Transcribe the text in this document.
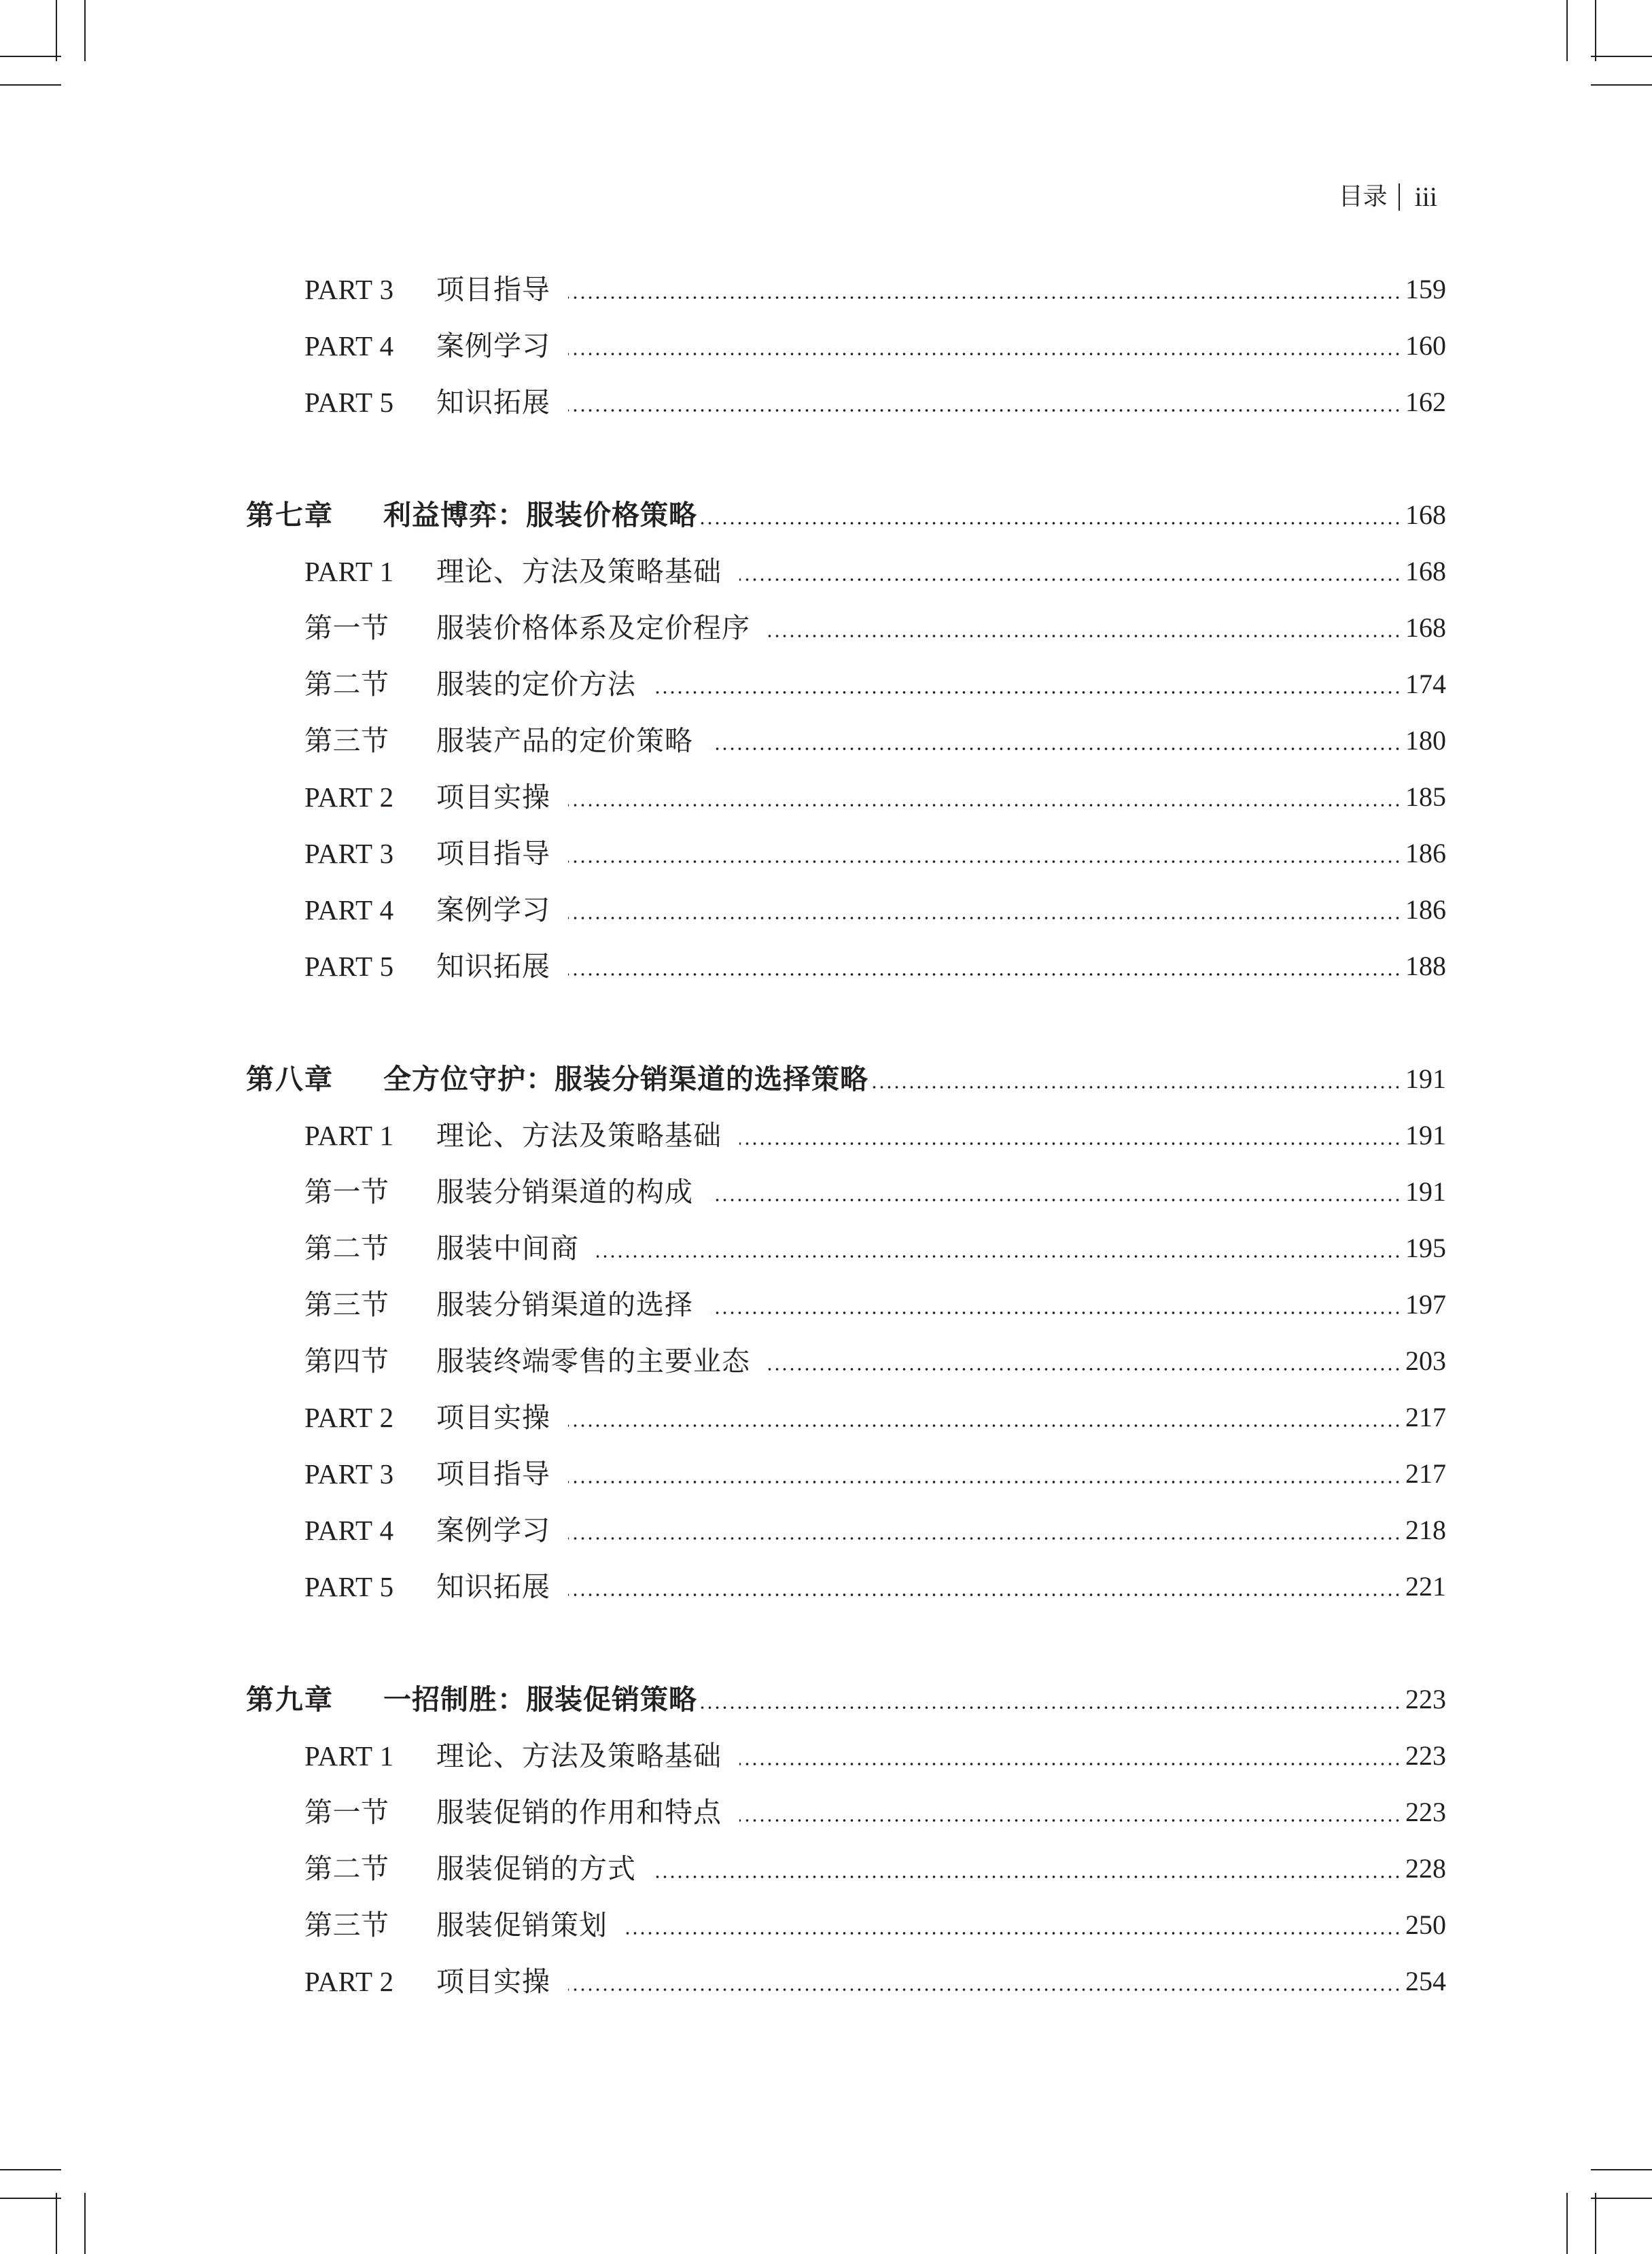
目录 iii
PART 3	项目指导	159
PART 4	案例学习	160
PART 5	知识拓展	162
第七章	利益博弈：服装价格策略	168
PART 1	理论、方法及策略基础	168
第一节	服装价格体系及定价程序	168
第二节	服装的定价方法	174
第三节	服装产品的定价策略	180
PART 2	项目实操	185
PART 3	项目指导	186
PART 4	案例学习	186
PART 5	知识拓展	188
第八章	全方位守护：服装分销渠道的选择策略	191
PART 1	理论、方法及策略基础	191
第一节	服装分销渠道的构成	191
第二节	服装中间商	195
第三节	服装分销渠道的选择	197
第四节	服装终端零售的主要业态	203
PART 2	项目实操	217
PART 3	项目指导	217
PART 4	案例学习	218
PART 5	知识拓展	221
第九章	一招制胜：服装促销策略	223
PART 1	理论、方法及策略基础	223
第一节	服装促销的作用和特点	223
第二节	服装促销的方式	228
第三节	服装促销策划	250
PART 2	项目实操	254
